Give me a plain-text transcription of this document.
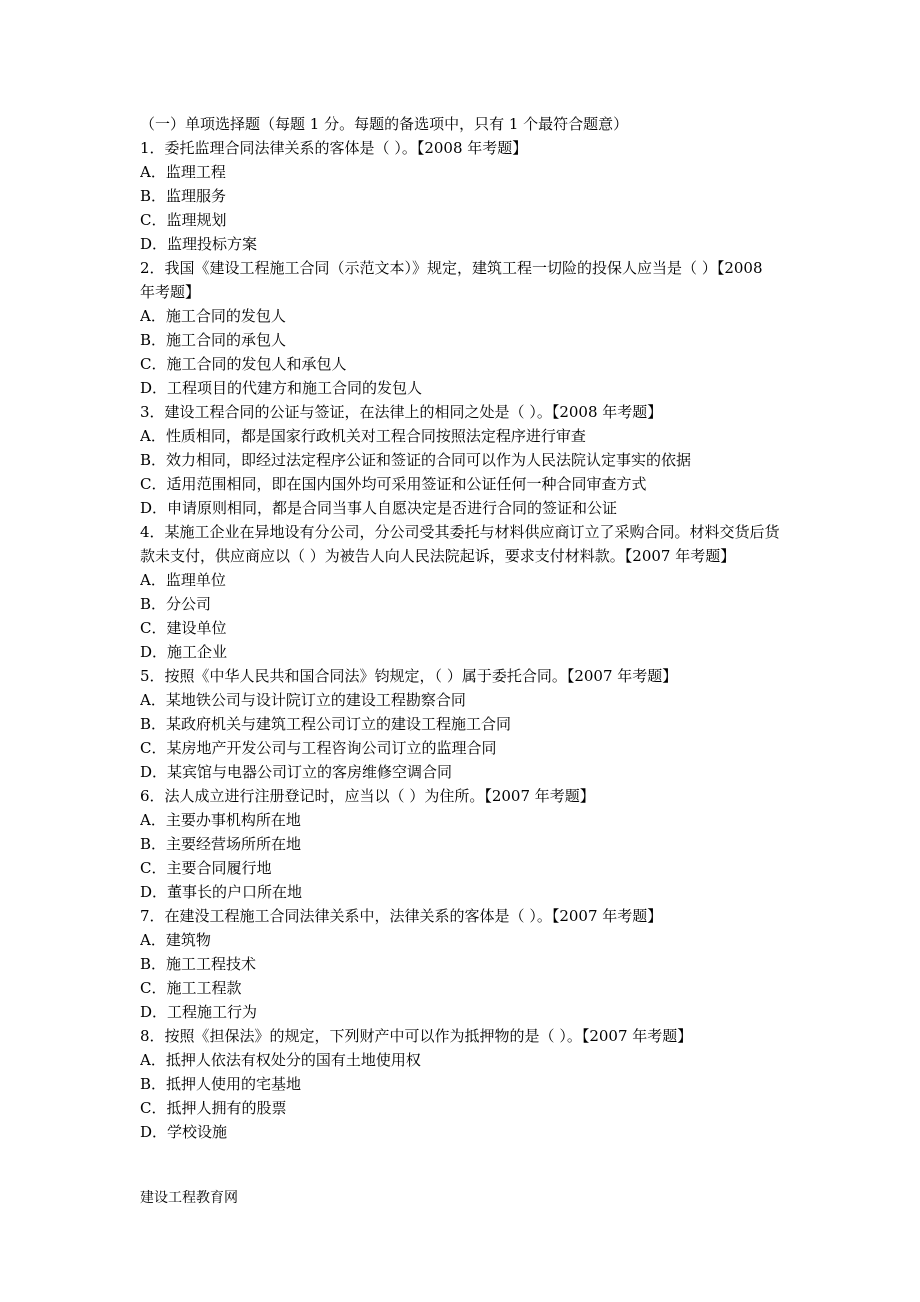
（一）单项选择题（每题 1 分。每题的备选项中，只有 1 个最符合题意）
1．委托监理合同法律关系的客体是（ ）。【2008 年考题】
A．监理工程
B．监理服务
C．监理规划
D．监理投标方案
2．我国《建设工程施工合同（示范文本）》规定，建筑工程一切险的投保人应当是（ ）【2008 年考题】
A．施工合同的发包人
B．施工合同的承包人
C．施工合同的发包人和承包人
D．工程项目的代建方和施工合同的发包人
3．建设工程合同的公证与签证，在法律上的相同之处是（ ）。【2008 年考题】
A．性质相同，都是国家行政机关对工程合同按照法定程序进行审查
B．效力相同，即经过法定程序公证和签证的合同可以作为人民法院认定事实的依据
C．适用范围相同，即在国内国外均可采用签证和公证任何一种合同审查方式
D．申请原则相同，都是合同当事人自愿决定是否进行合同的签证和公证
4．某施工企业在异地设有分公司，分公司受其委托与材料供应商订立了采购合同。材料交货后货款未支付，供应商应以（ ）为被告人向人民法院起诉，要求支付材料款。【2007 年考题】
A．监理单位
B．分公司
C．建设单位
D．施工企业
5．按照《中华人民共和国合同法》钧规定，（ ）属于委托合同。【2007 年考题】
A．某地铁公司与设计院订立的建设工程勘察合同
B．某政府机关与建筑工程公司订立的建设工程施工合同
C．某房地产开发公司与工程咨询公司订立的监理合同
D．某宾馆与电器公司订立的客房维修空调合同
6．法人成立进行注册登记时，应当以（ ）为住所。【2007 年考题】
A．主要办事机构所在地
B．主要经营场所所在地
C．主要合同履行地
D．董事长的户口所在地
7．在建没工程施工合同法律关系中，法律关系的客体是（ ）。【2007 年考题】
A．建筑物
B．施工工程技术
C．施工工程款
D．工程施工行为
8．按照《担保法》的规定，下列财产中可以作为抵押物的是（ ）。【2007 年考题】
A．抵押人依法有权处分的国有土地使用权
B．抵押人使用的宅基地
C．抵押人拥有的股票
D．学校设施
建设工程教育网
